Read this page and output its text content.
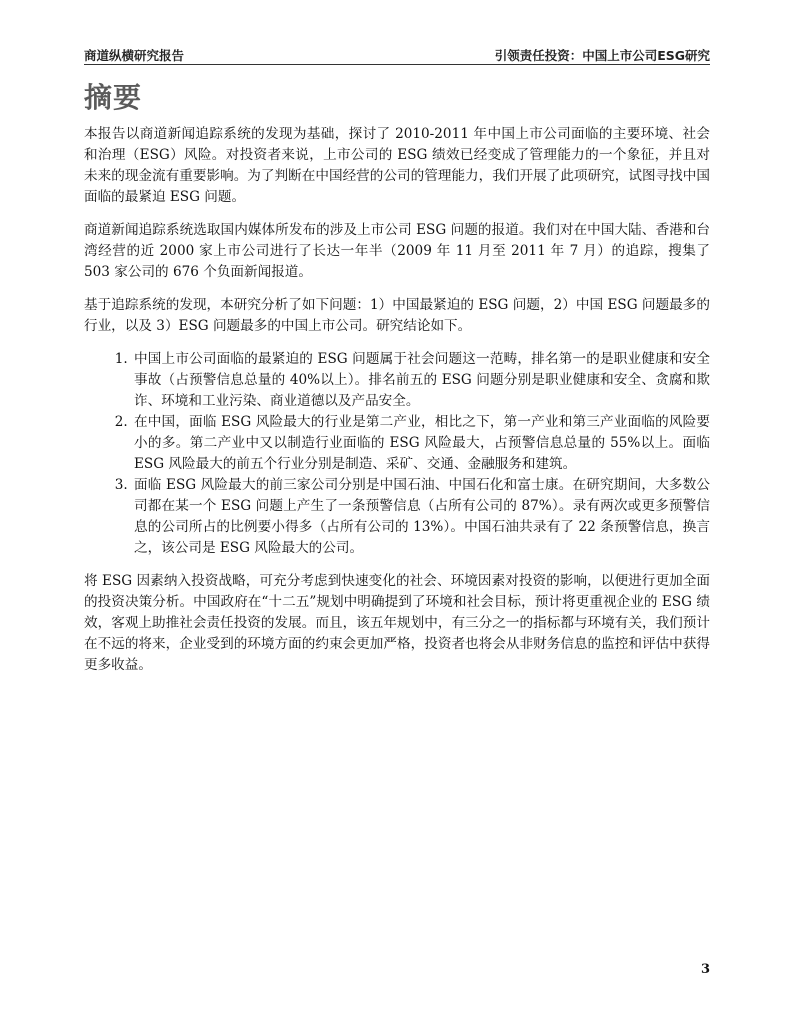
商道纵横研究报告	引领责任投资：中国上市公司ESG研究
摘要

本报告以商道新闻追踪系统的发现为基础，探讨了 2010-2011 年中国上市公司面临的主要环境、社会和治理（ESG）风险。对投资者来说，上市公司的 ESG 绩效已经变成了管理能力的一个象征，并且对未来的现金流有重要影响。为了判断在中国经营的公司的管理能力，我们开展了此项研究，试图寻找中国面临的最紧迫 ESG 问题。

商道新闻追踪系统选取国内媒体所发布的涉及上市公司 ESG 问题的报道。我们对在中国大陆、香港和台湾经营的近 2000 家上市公司进行了长达一年半（2009 年 11 月至 2011 年 7 月）的追踪，搜集了 503 家公司的 676 个负面新闻报道。

基于追踪系统的发现，本研究分析了如下问题：1）中国最紧迫的 ESG 问题，2）中国 ESG 问题最多的行业，以及 3）ESG 问题最多的中国上市公司。研究结论如下。

1. 中国上市公司面临的最紧迫的 ESG 问题属于社会问题这一范畴，排名第一的是职业健康和安全事故（占预警信息总量的 40%以上）。排名前五的 ESG 问题分别是职业健康和安全、贪腐和欺诈、环境和工业污染、商业道德以及产品安全。
2. 在中国，面临 ESG 风险最大的行业是第二产业，相比之下，第一产业和第三产业面临的风险要小的多。第二产业中又以制造行业面临的 ESG 风险最大，占预警信息总量的 55%以上。面临 ESG 风险最大的前五个行业分别是制造、采矿、交通、金融服务和建筑。
3. 面临 ESG 风险最大的前三家公司分别是中国石油、中国石化和富士康。在研究期间，大多数公司都在某一个 ESG 问题上产生了一条预警信息（占所有公司的 87%）。录有两次或更多预警信息的公司所占的比例要小得多（占所有公司的 13%）。中国石油共录有了 22 条预警信息，换言之，该公司是 ESG 风险最大的公司。

将 ESG 因素纳入投资战略，可充分考虑到快速变化的社会、环境因素对投资的影响，以便进行更加全面的投资决策分析。中国政府在“十二五”规划中明确提到了环境和社会目标，预计将更重视企业的 ESG 绩效，客观上助推社会责任投资的发展。而且，该五年规划中，有三分之一的指标都与环境有关，我们预计在不远的将来，企业受到的环境方面的约束会更加严格，投资者也将会从非财务信息的监控和评估中获得更多收益。

3
